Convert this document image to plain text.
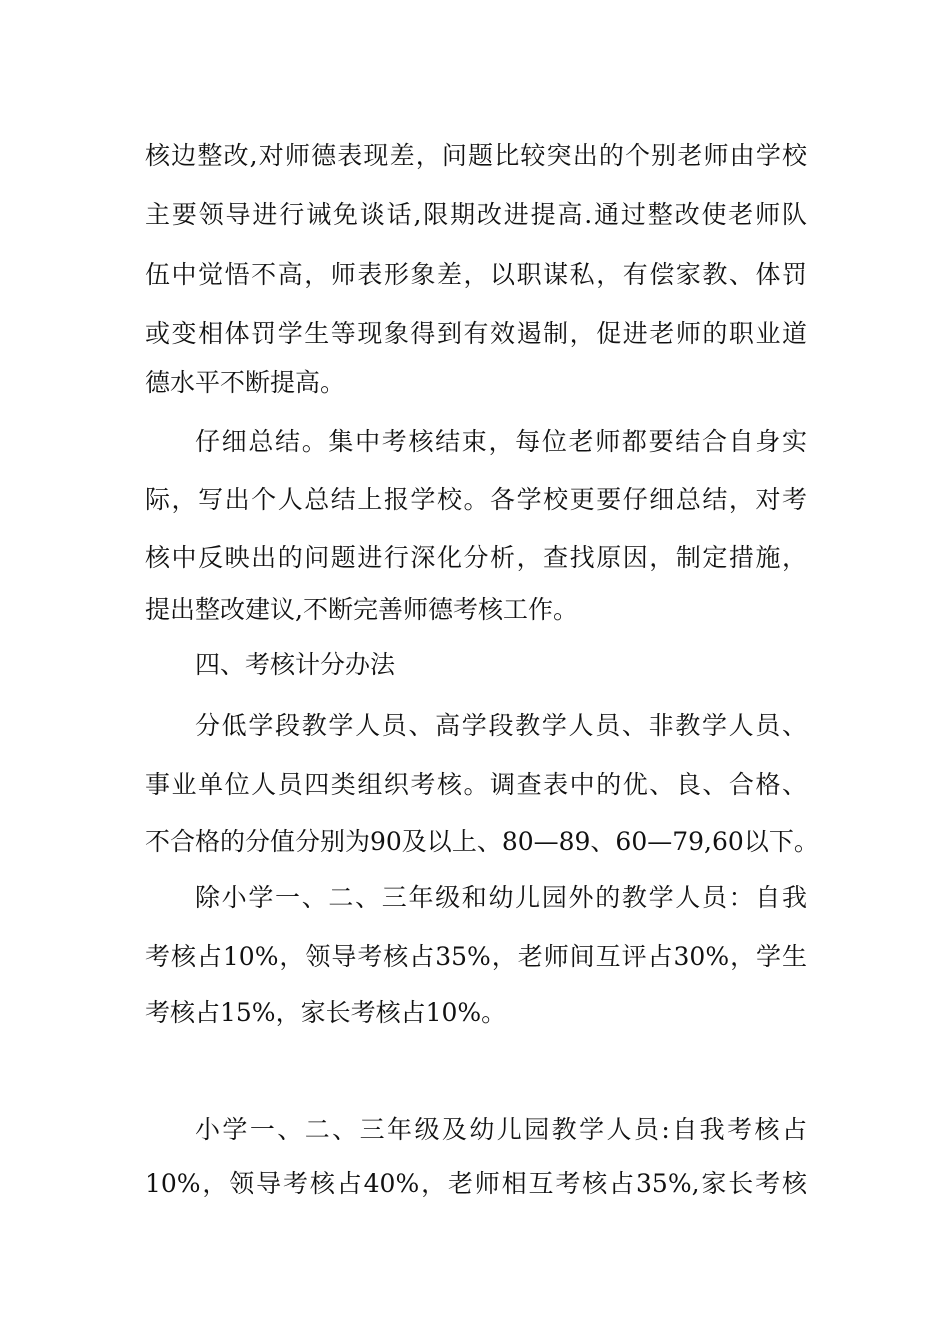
核边整改,对师德表现差，问题比较突出的个别老师由学校
主要领导进行诫免谈话,限期改进提高.通过整改使老师队
伍中觉悟不高，师表形象差，以职谋私，有偿家教、体罚
或变相体罚学生等现象得到有效遏制，促进老师的职业道
德水平不断提高。
仔细总结。集中考核结束，每位老师都要结合自身实
际，写出个人总结上报学校。各学校更要仔细总结，对考
核中反映出的问题进行深化分析，查找原因，制定措施，
提出整改建议,不断完善师德考核工作。
四、考核计分办法
分低学段教学人员、高学段教学人员、非教学人员、
事业单位人员四类组织考核。调查表中的优、良、合格、
不合格的分值分别为90及以上、80—89、60—79,60以下。
除小学一、二、三年级和幼儿园外的教学人员：自我
考核占10%，领导考核占35%，老师间互评占30%，学生
考核占15%，家长考核占10%。
小学一、二、三年级及幼儿园教学人员:自我考核占
10%，领导考核占40%，老师相互考核占35%,家长考核
